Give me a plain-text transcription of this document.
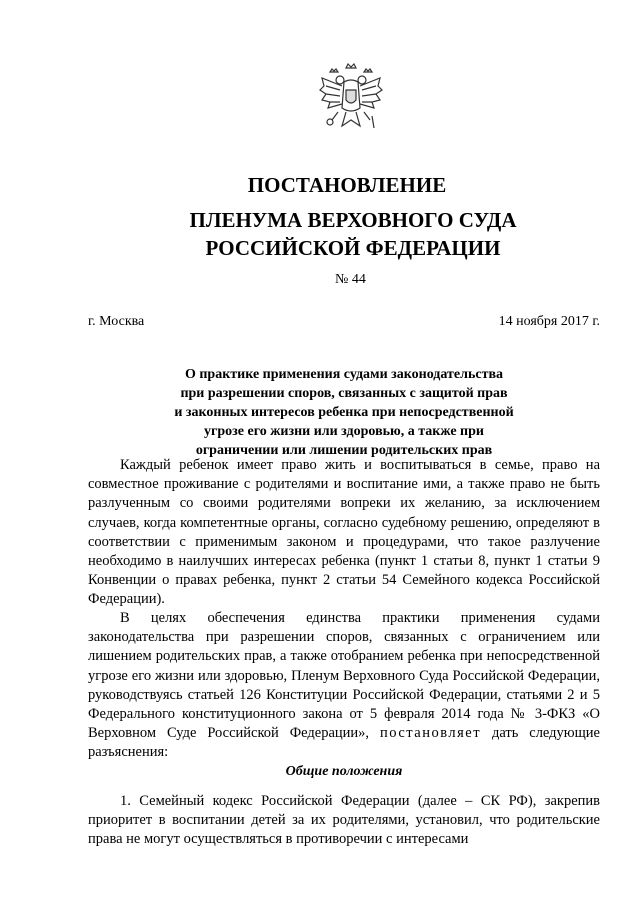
ПОСТАНОВЛЕНИЕ
ПЛЕНУМА ВЕРХОВНОГО СУДА
РОССИЙСКОЙ ФЕДЕРАЦИИ
№ 44
г. Москва	14 ноября 2017 г.
О практике применения судами законодательства
при разрешении споров, связанных с защитой прав
и законных интересов ребенка при непосредственной
угрозе его жизни или здоровью, а также при
ограничении или лишении родительских прав

Каждый ребенок имеет право жить и воспитываться в семье, право на совместное проживание с родителями и воспитание ими, а также право не быть разлученным со своими родителями вопреки их желанию, за исключением случаев, когда компетентные органы, согласно судебному решению, определяют в соответствии с применимым законом и процедурами, что такое разлучение необходимо в наилучших интересах ребенка (пункт 1 статьи 8, пункт 1 статьи 9 Конвенции о правах ребенка, пункт 2 статьи 54 Семейного кодекса Российской Федерации).

В целях обеспечения единства практики применения судами законодательства при разрешении споров, связанных с ограничением или лишением родительских прав, а также отобранием ребенка при непосредственной угрозе его жизни или здоровью, Пленум Верховного Суда Российской Федерации, руководствуясь статьей 126 Конституции Российской Федерации, статьями 2 и 5 Федерального конституционного закона от 5 февраля 2014 года № 3-ФКЗ «О Верховном Суде Российской Федерации», постановляет дать следующие разъяснения:

Общие положения

1. Семейный кодекс Российской Федерации (далее – СК РФ), закрепив приоритет в воспитании детей за их родителями, установил, что родительские права не могут осуществляться в противоречии с интересами
